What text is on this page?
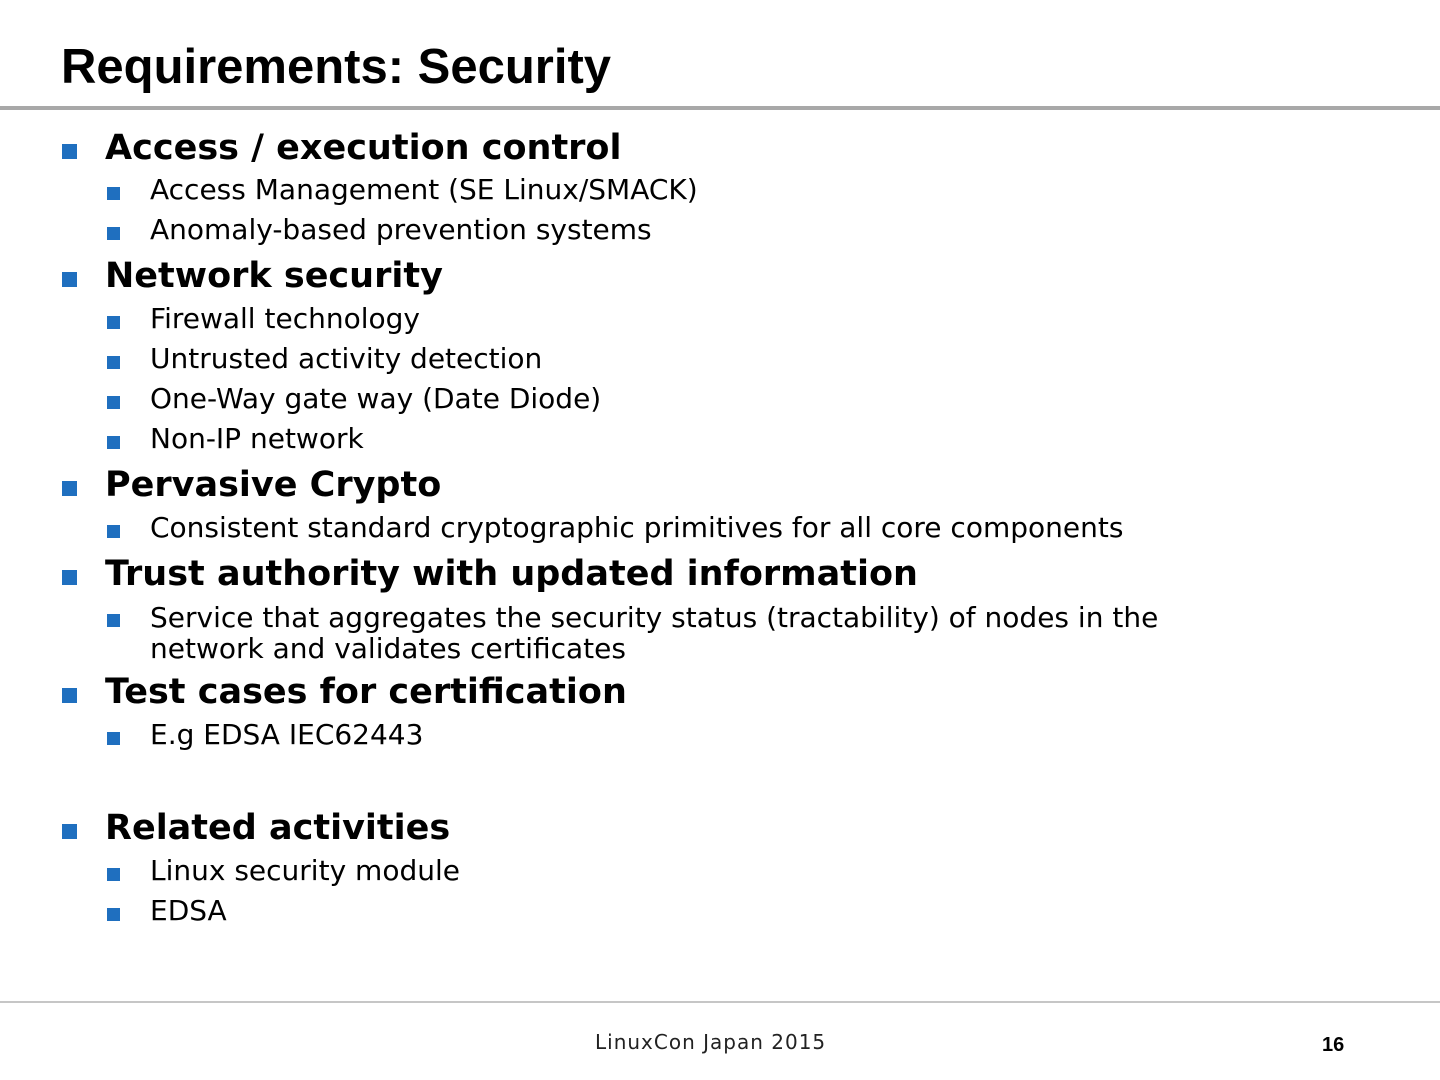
Requirements: Security
Access / execution control
Access Management (SE Linux/SMACK)
Anomaly-based prevention systems
Network security
Firewall technology
Untrusted activity detection
One-Way gate way (Date Diode)
Non-IP network
Pervasive Crypto
Consistent standard cryptographic primitives for all core components
Trust authority with updated information
Service that aggregates the security status (tractability) of nodes in the
network and validates certificates
Test cases for certification
E.g EDSA IEC62443
Related activities
Linux security module
EDSA
LinuxCon Japan 2015	16
